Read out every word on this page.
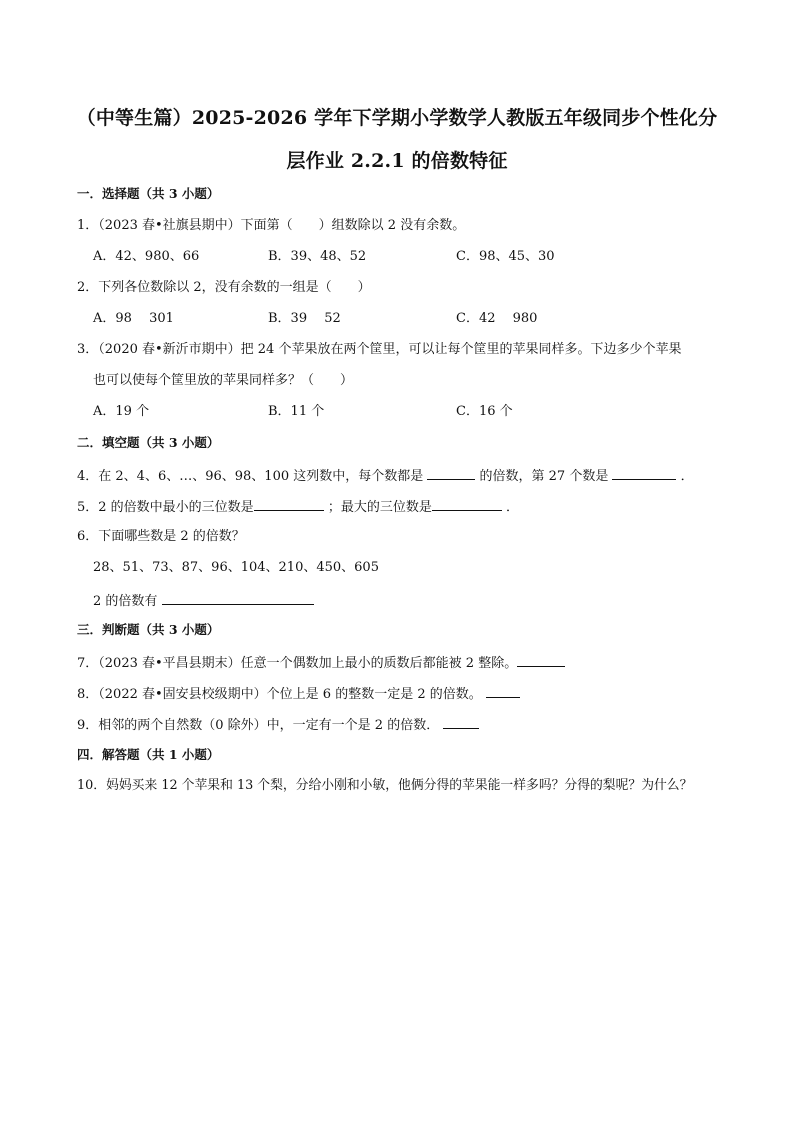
（中等生篇）2025-2026 学年下学期小学数学人教版五年级同步个性化分
层作业 2.2.1 的倍数特征
一．选择题（共 3 小题）
1．（2023 春•社旗县期中）下面第（　　）组数除以 2 没有余数。
A．42、980、66	B．39、48、52	C．98、45、30
2．下列各位数除以 2，没有余数的一组是（　　）
A．98　 301	B．39　 52	C．42　 980
3．（2020 春•新沂市期中）把 24 个苹果放在两个筐里，可以让每个筐里的苹果同样多。下边多少个苹果
也可以使每个筐里放的苹果同样多？（　　）
A．19 个	B．11 个	C．16 个
二．填空题（共 3 小题）
4．在 2、4、6、…、96、98、100 这列数中，每个数都是	的倍数，第 27 个数是	．
5．2 的倍数中最小的三位数是	；最大的三位数是	．
6．下面哪些数是 2 的倍数？
28、51、73、87、96、104、210、450、605
2 的倍数有
三．判断题（共 3 小题）
7．（2023 春•平昌县期末）任意一个偶数加上最小的质数后都能被 2 整除。
8．（2022 春•固安县校级期中）个位上是 6 的整数一定是 2 的倍数。
9．相邻的两个自然数（0 除外）中，一定有一个是 2 的倍数．
四．解答题（共 1 小题）
10．妈妈买来 12 个苹果和 13 个梨，分给小刚和小敏，他俩分得的苹果能一样多吗？分得的梨呢？为什么？
